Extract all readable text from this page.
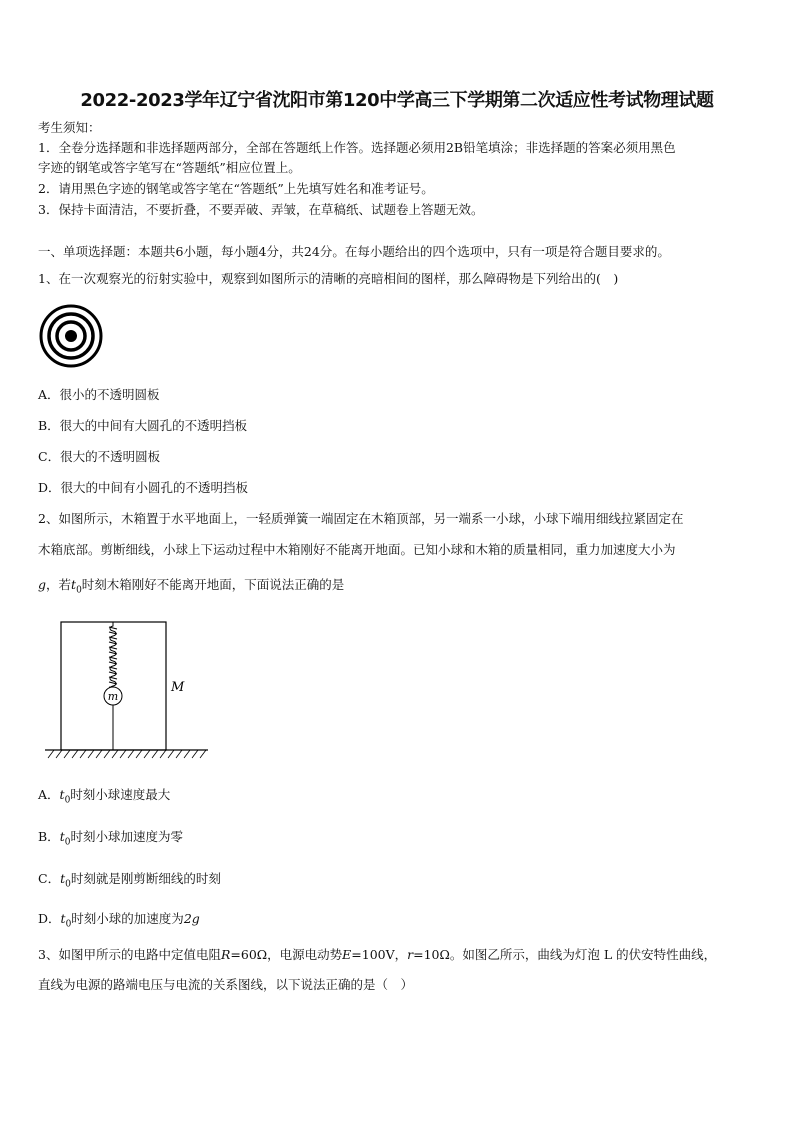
2022-2023学年辽宁省沈阳市第120中学高三下学期第二次适应性考试物理试题
考生须知：
1．全卷分选择题和非选择题两部分，全部在答题纸上作答。选择题必须用2B铅笔填涂；非选择题的答案必须用黑色
字迹的钢笔或答字笔写在“答题纸”相应位置上。
2．请用黑色字迹的钢笔或答字笔在“答题纸”上先填写姓名和准考证号。
3．保持卡面清洁，不要折叠，不要弄破、弄皱，在草稿纸、试题卷上答题无效。
一、单项选择题：本题共6小题，每小题4分，共24分。在每小题给出的四个选项中，只有一项是符合题目要求的。
1、在一次观察光的衍射实验中，观察到如图所示的清晰的亮暗相间的图样，那么障碍物是下列给出的(　)
A．很小的不透明圆板
B．很大的中间有大圆孔的不透明挡板
C．很大的不透明圆板
D．很大的中间有小圆孔的不透明挡板
2、如图所示，木箱置于水平地面上，一轻质弹簧一端固定在木箱顶部，另一端系一小球，小球下端用细线拉紧固定在
木箱底部。剪断细线，小球上下运动过程中木箱刚好不能离开地面。已知小球和木箱的质量相同，重力加速度大小为
g，若$t_0$时刻木箱刚好不能离开地面，下面说法正确的是
m
M
A．$t_0$时刻小球速度最大
B．$t_0$时刻小球加速度为零
C．$t_0$时刻就是刚剪断细线的时刻
D．$t_0$时刻小球的加速度为2g
3、如图甲所示的电路中定值电阻R=60Ω，电源电动势E=100V，r=10Ω。如图乙所示，曲线为灯泡 L 的伏安特性曲线，
直线为电源的路端电压与电流的关系图线，以下说法正确的是（　）
